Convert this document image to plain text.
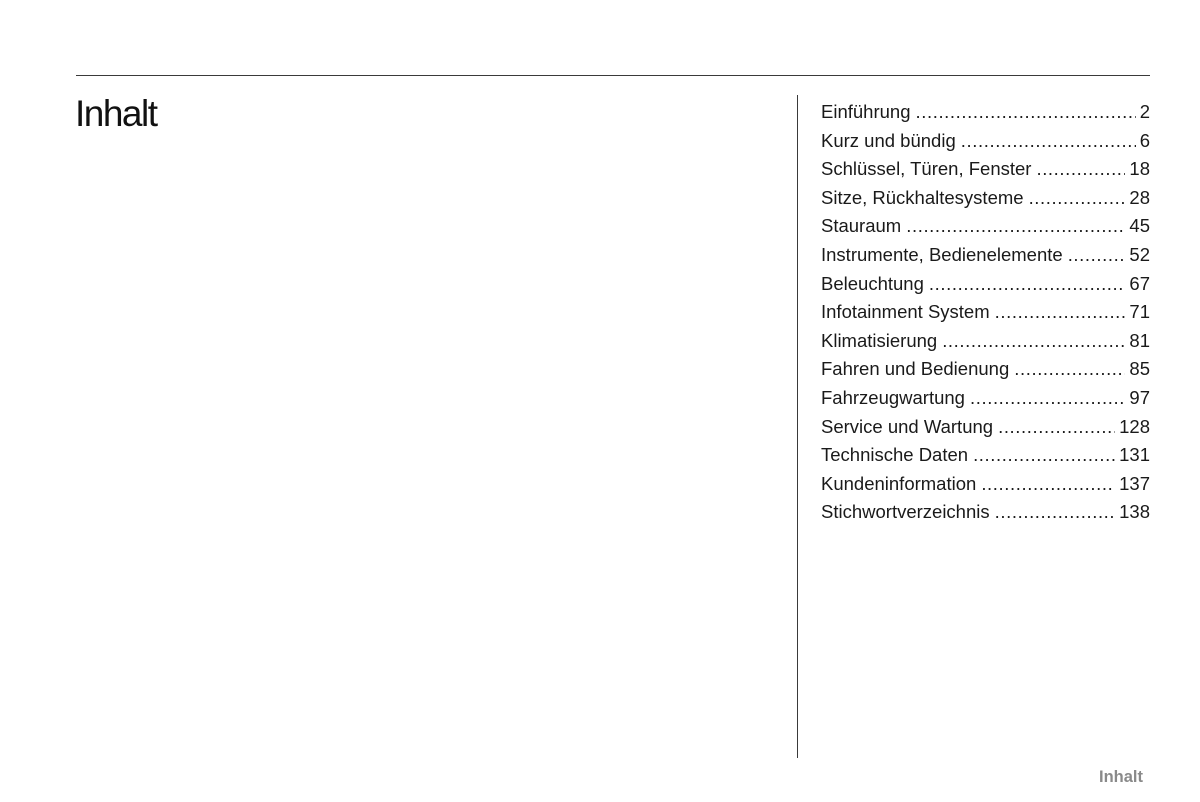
Inhalt	Einführung .....	2
Kurz und bündig .....	6
Schlüssel, Türen, Fenster .....	18
Sitze, Rückhaltesysteme .....	28
Stauraum .....	45
Instrumente, Bedienelemente .....	52
Beleuchtung .....	67
Infotainment System .....	71
Klimatisierung .....	81
Fahren und Bedienung .....	85
Fahrzeugwartung .....	97
Service und Wartung .....	128
Technische Daten .....	131
Kundeninformation .....	137
Stichwortverzeichnis .....	138
Inhalt
